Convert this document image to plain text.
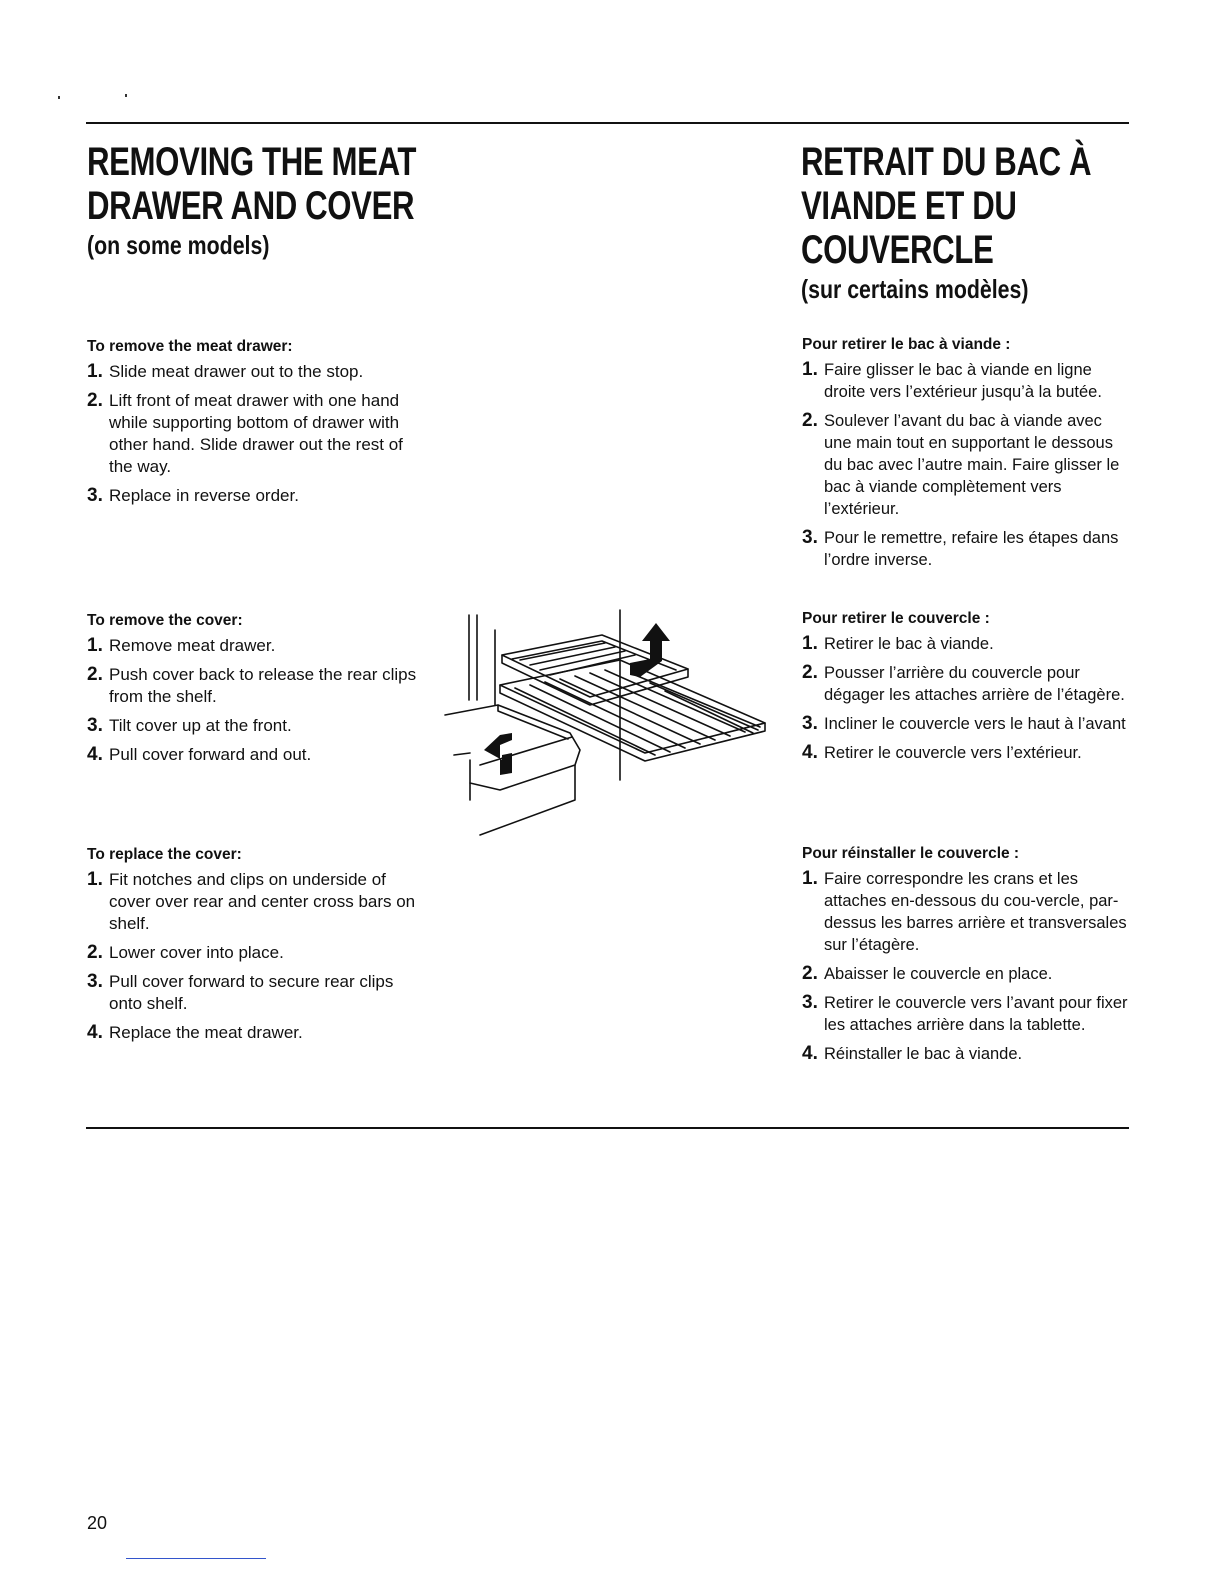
REMOVING THE MEAT
DRAWER AND COVER
(on some models)
To remove the meat drawer:
1. Slide meat drawer out to the stop.
2. Lift front of meat drawer with one hand while supporting bottom of drawer with other hand. Slide drawer out the rest of the way.
3. Replace in reverse order.
To remove the cover:
1. Remove meat drawer.
2. Push cover back to release the rear clips from the shelf.
3. Tilt cover up at the front.
4. Pull cover forward and out.
To replace the cover:
1. Fit notches and clips on underside of cover over rear and center cross bars on shelf.
2. Lower cover into place.
3. Pull cover forward to secure rear clips onto shelf.
4. Replace the meat drawer.
RETRAIT DU BAC À
VIANDE ET DU
COUVERCLE
(sur certains modèles)
Pour retirer le bac à viande :
1. Faire glisser le bac à viande en ligne droite vers l’extérieur jusqu’à la butée.
2. Soulever l’avant du bac à viande avec une main tout en supportant le dessous du bac avec l’autre main. Faire glisser le bac à viande complètement vers l’extérieur.
3. Pour le remettre, refaire les étapes dans l’ordre inverse.
Pour retirer le couvercle :
1. Retirer le bac à viande.
2. Pousser l’arrière du couvercle pour dégager les attaches arrière de l’étagère.
3. Incliner le couvercle vers le haut à l’avant
4. Retirer le couvercle vers l’extérieur.
Pour réinstaller le couvercle :
1. Faire correspondre les crans et les attaches en-dessous du cou-vercle, par-dessus les barres arrière et transversales sur l’étagère.
2. Abaisser le couvercle en place.
3. Retirer le couvercle vers l’avant pour fixer les attaches arrière dans la tablette.
4. Réinstaller le bac à viande.
20
